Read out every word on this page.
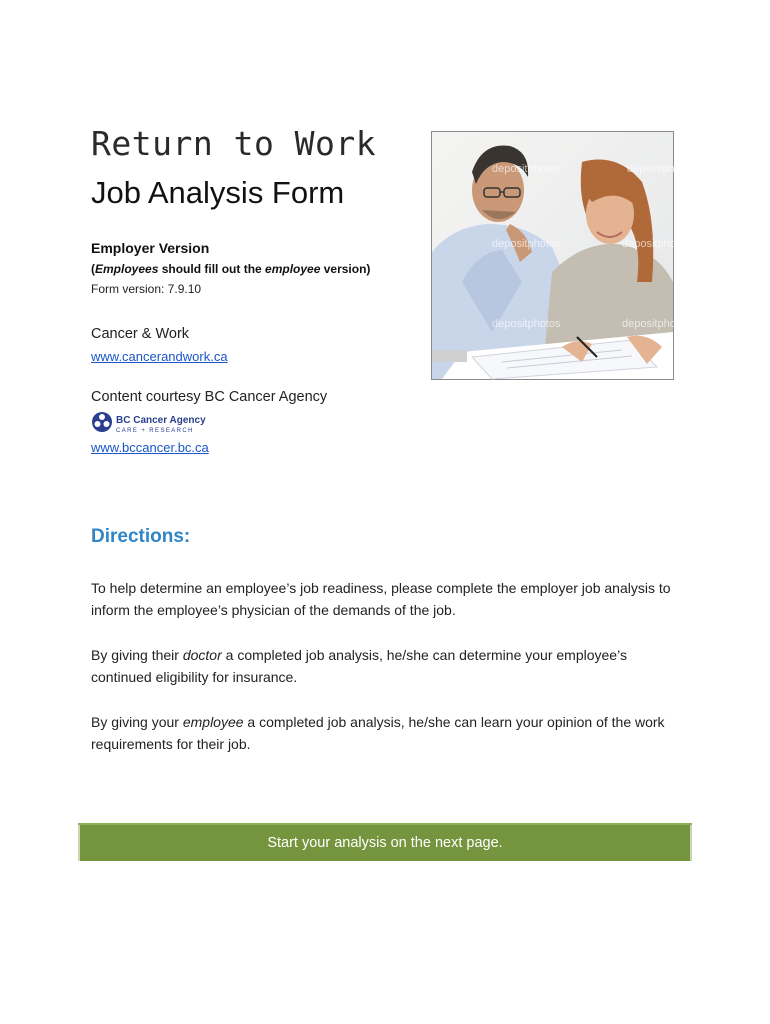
Return to Work
Job Analysis Form
Employer Version
(Employees should fill out the employee version)
Form version: 7.9.10
Cancer & Work
www.cancerandwork.ca
Content courtesy BC Cancer Agency
BC Cancer Agency
CARE + RESEARCH
www.bccancer.bc.ca
depositphotos	depositphotos
depositphotos	depositphotos
depositphotos	depositphotos
Directions:

To help determine an employee’s job readiness, please complete the employer job analysis to inform the employee’s physician of the demands of the job.

By giving their doctor a completed job analysis, he/she can determine your employee’s continued eligibility for insurance.

By giving your employee a completed job analysis, he/she can learn your opinion of the work requirements for their job.

Start your analysis on the next page.
